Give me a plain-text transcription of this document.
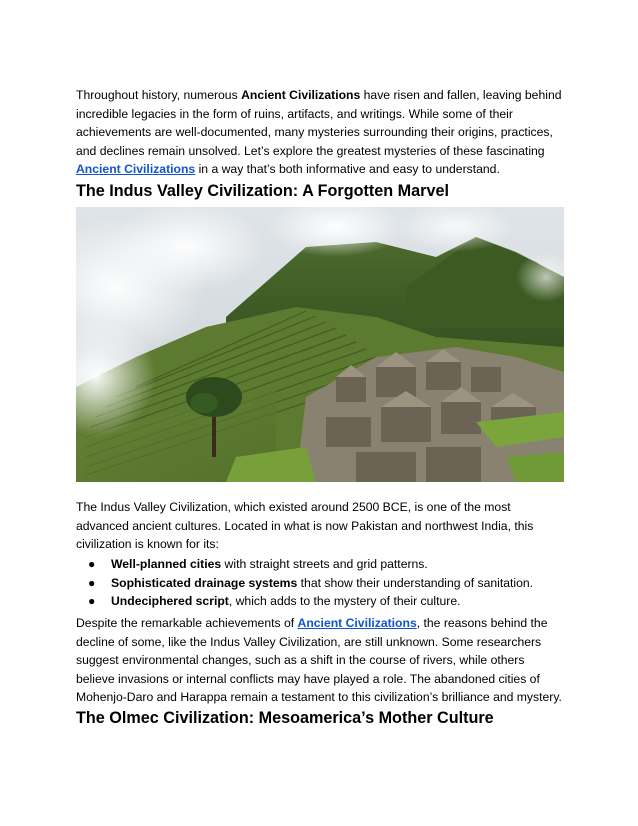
Throughout history, numerous Ancient Civilizations have risen and fallen, leaving behind incredible legacies in the form of ruins, artifacts, and writings. While some of their achievements are well-documented, many mysteries surrounding their origins, practices, and declines remain unsolved. Let’s explore the greatest mysteries of these fascinating Ancient Civilizations in a way that’s both informative and easy to understand.

The Indus Valley Civilization: A Forgotten Marvel

The Indus Valley Civilization, which existed around 2500 BCE, is one of the most advanced ancient cultures. Located in what is now Pakistan and northwest India, this civilization is known for its:

● Well-planned cities with straight streets and grid patterns.
● Sophisticated drainage systems that show their understanding of sanitation.
● Undeciphered script, which adds to the mystery of their culture.

Despite the remarkable achievements of Ancient Civilizations, the reasons behind the decline of some, like the Indus Valley Civilization, are still unknown. Some researchers suggest environmental changes, such as a shift in the course of rivers, while others believe invasions or internal conflicts may have played a role. The abandoned cities of Mohenjo-Daro and Harappa remain a testament to this civilization’s brilliance and mystery.

The Olmec Civilization: Mesoamerica’s Mother Culture
